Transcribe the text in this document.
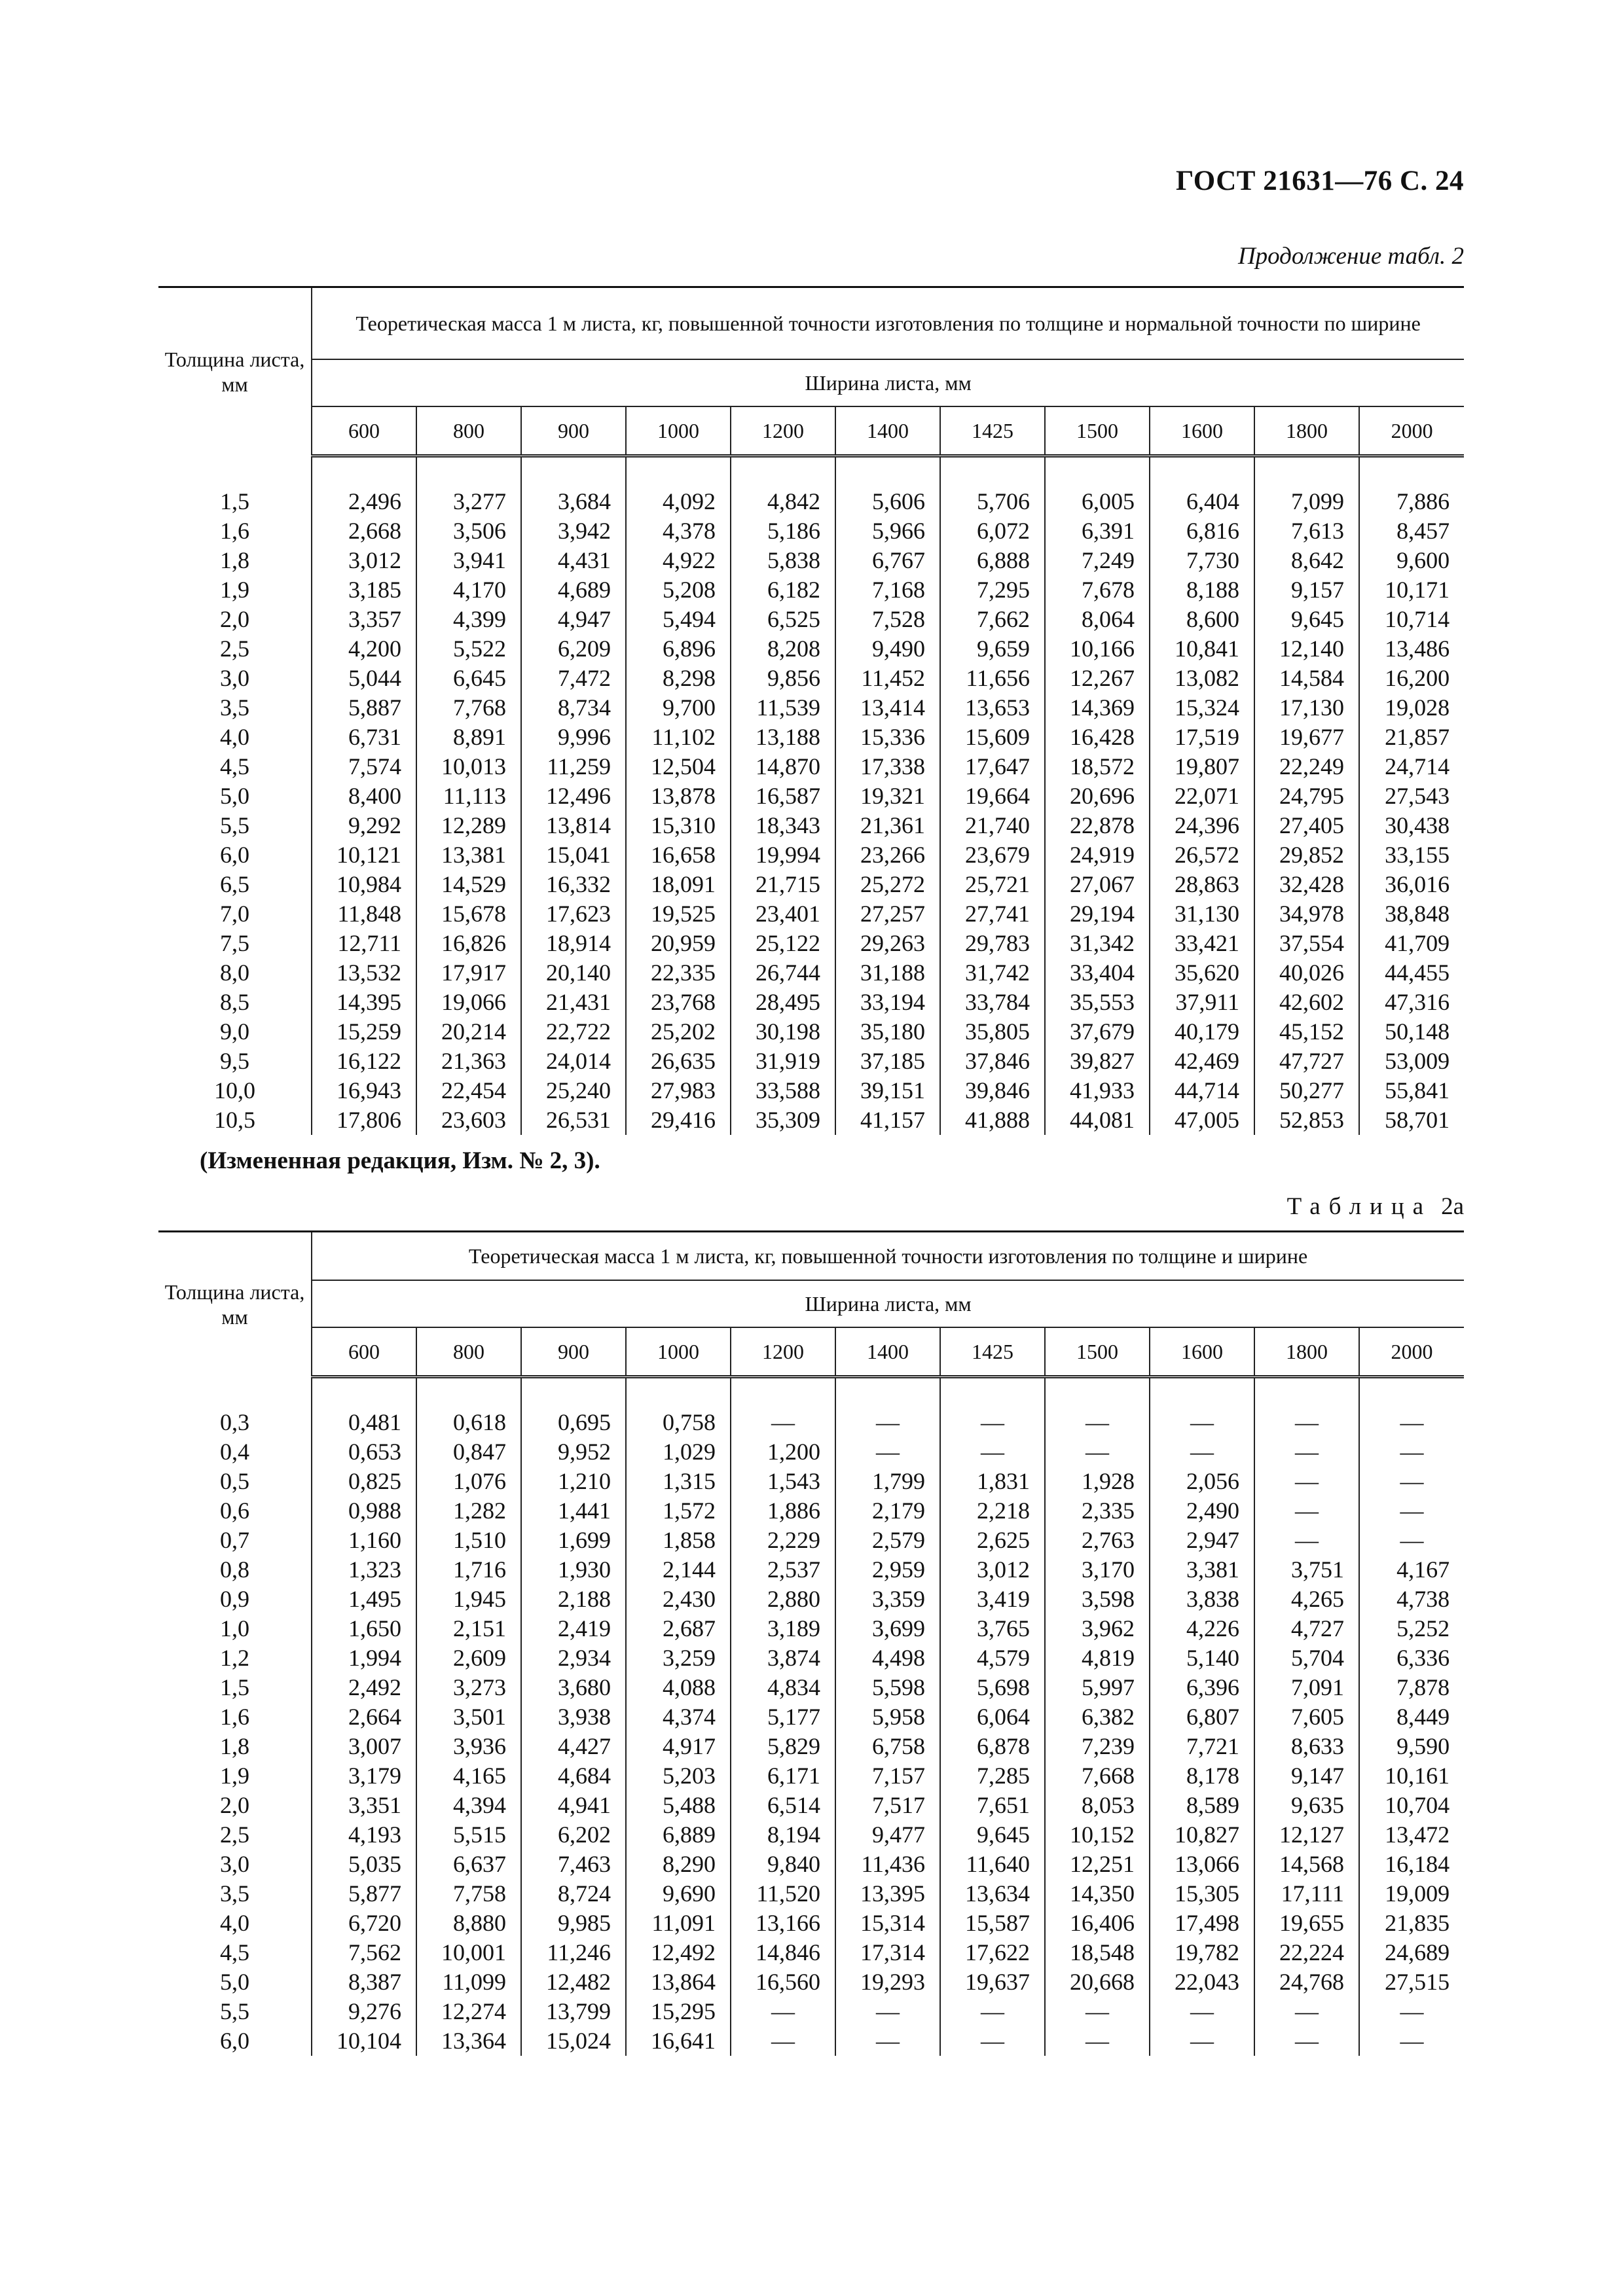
ГОСТ 21631—76 С. 24
Продолжение табл. 2
Толщина листа, мм	Теоретическая масса 1 м листа, кг, повышенной точности изготовления по толщине и нормальной точности по ширине										
	Ширина листа, мм										
	600	800	900	1000	1200	1400	1425	1500	1600	1800	2000

1,5	2,496	3,277	3,684	4,092	4,842	5,606	5,706	6,005	6,404	7,099	7,886
1,6	2,668	3,506	3,942	4,378	5,186	5,966	6,072	6,391	6,816	7,613	8,457
1,8	3,012	3,941	4,431	4,922	5,838	6,767	6,888	7,249	7,730	8,642	9,600
1,9	3,185	4,170	4,689	5,208	6,182	7,168	7,295	7,678	8,188	9,157	10,171
2,0	3,357	4,399	4,947	5,494	6,525	7,528	7,662	8,064	8,600	9,645	10,714
2,5	4,200	5,522	6,209	6,896	8,208	9,490	9,659	10,166	10,841	12,140	13,486
3,0	5,044	6,645	7,472	8,298	9,856	11,452	11,656	12,267	13,082	14,584	16,200
3,5	5,887	7,768	8,734	9,700	11,539	13,414	13,653	14,369	15,324	17,130	19,028
4,0	6,731	8,891	9,996	11,102	13,188	15,336	15,609	16,428	17,519	19,677	21,857
4,5	7,574	10,013	11,259	12,504	14,870	17,338	17,647	18,572	19,807	22,249	24,714
5,0	8,400	11,113	12,496	13,878	16,587	19,321	19,664	20,696	22,071	24,795	27,543
5,5	9,292	12,289	13,814	15,310	18,343	21,361	21,740	22,878	24,396	27,405	30,438
6,0	10,121	13,381	15,041	16,658	19,994	23,266	23,679	24,919	26,572	29,852	33,155
6,5	10,984	14,529	16,332	18,091	21,715	25,272	25,721	27,067	28,863	32,428	36,016
7,0	11,848	15,678	17,623	19,525	23,401	27,257	27,741	29,194	31,130	34,978	38,848
7,5	12,711	16,826	18,914	20,959	25,122	29,263	29,783	31,342	33,421	37,554	41,709
8,0	13,532	17,917	20,140	22,335	26,744	31,188	31,742	33,404	35,620	40,026	44,455
8,5	14,395	19,066	21,431	23,768	28,495	33,194	33,784	35,553	37,911	42,602	47,316
9,0	15,259	20,214	22,722	25,202	30,198	35,180	35,805	37,679	40,179	45,152	50,148
9,5	16,122	21,363	24,014	26,635	31,919	37,185	37,846	39,827	42,469	47,727	53,009
10,0	16,943	22,454	25,240	27,983	33,588	39,151	39,846	41,933	44,714	50,277	55,841
10,5	17,806	23,603	26,531	29,416	35,309	41,157	41,888	44,081	47,005	52,853	58,701
(Измененная редакция, Изм. № 2, 3).
Таблица 2а
Толщина листа, мм	Теоретическая масса 1 м листа, кг, повышенной точности изготовления по толщине и ширине										
	Ширина листа, мм										
	600	800	900	1000	1200	1400	1425	1500	1600	1800	2000

0,3	0,481	0,618	0,695	0,758	—	—	—	—	—	—	—
0,4	0,653	0,847	9,952	1,029	1,200	—	—	—	—	—	—
0,5	0,825	1,076	1,210	1,315	1,543	1,799	1,831	1,928	2,056	—	—
0,6	0,988	1,282	1,441	1,572	1,886	2,179	2,218	2,335	2,490	—	—
0,7	1,160	1,510	1,699	1,858	2,229	2,579	2,625	2,763	2,947	—	—
0,8	1,323	1,716	1,930	2,144	2,537	2,959	3,012	3,170	3,381	3,751	4,167
0,9	1,495	1,945	2,188	2,430	2,880	3,359	3,419	3,598	3,838	4,265	4,738
1,0	1,650	2,151	2,419	2,687	3,189	3,699	3,765	3,962	4,226	4,727	5,252
1,2	1,994	2,609	2,934	3,259	3,874	4,498	4,579	4,819	5,140	5,704	6,336
1,5	2,492	3,273	3,680	4,088	4,834	5,598	5,698	5,997	6,396	7,091	7,878
1,6	2,664	3,501	3,938	4,374	5,177	5,958	6,064	6,382	6,807	7,605	8,449
1,8	3,007	3,936	4,427	4,917	5,829	6,758	6,878	7,239	7,721	8,633	9,590
1,9	3,179	4,165	4,684	5,203	6,171	7,157	7,285	7,668	8,178	9,147	10,161
2,0	3,351	4,394	4,941	5,488	6,514	7,517	7,651	8,053	8,589	9,635	10,704
2,5	4,193	5,515	6,202	6,889	8,194	9,477	9,645	10,152	10,827	12,127	13,472
3,0	5,035	6,637	7,463	8,290	9,840	11,436	11,640	12,251	13,066	14,568	16,184
3,5	5,877	7,758	8,724	9,690	11,520	13,395	13,634	14,350	15,305	17,111	19,009
4,0	6,720	8,880	9,985	11,091	13,166	15,314	15,587	16,406	17,498	19,655	21,835
4,5	7,562	10,001	11,246	12,492	14,846	17,314	17,622	18,548	19,782	22,224	24,689
5,0	8,387	11,099	12,482	13,864	16,560	19,293	19,637	20,668	22,043	24,768	27,515
5,5	9,276	12,274	13,799	15,295	—	—	—	—	—	—	—
6,0	10,104	13,364	15,024	16,641	—	—	—	—	—	—	—
